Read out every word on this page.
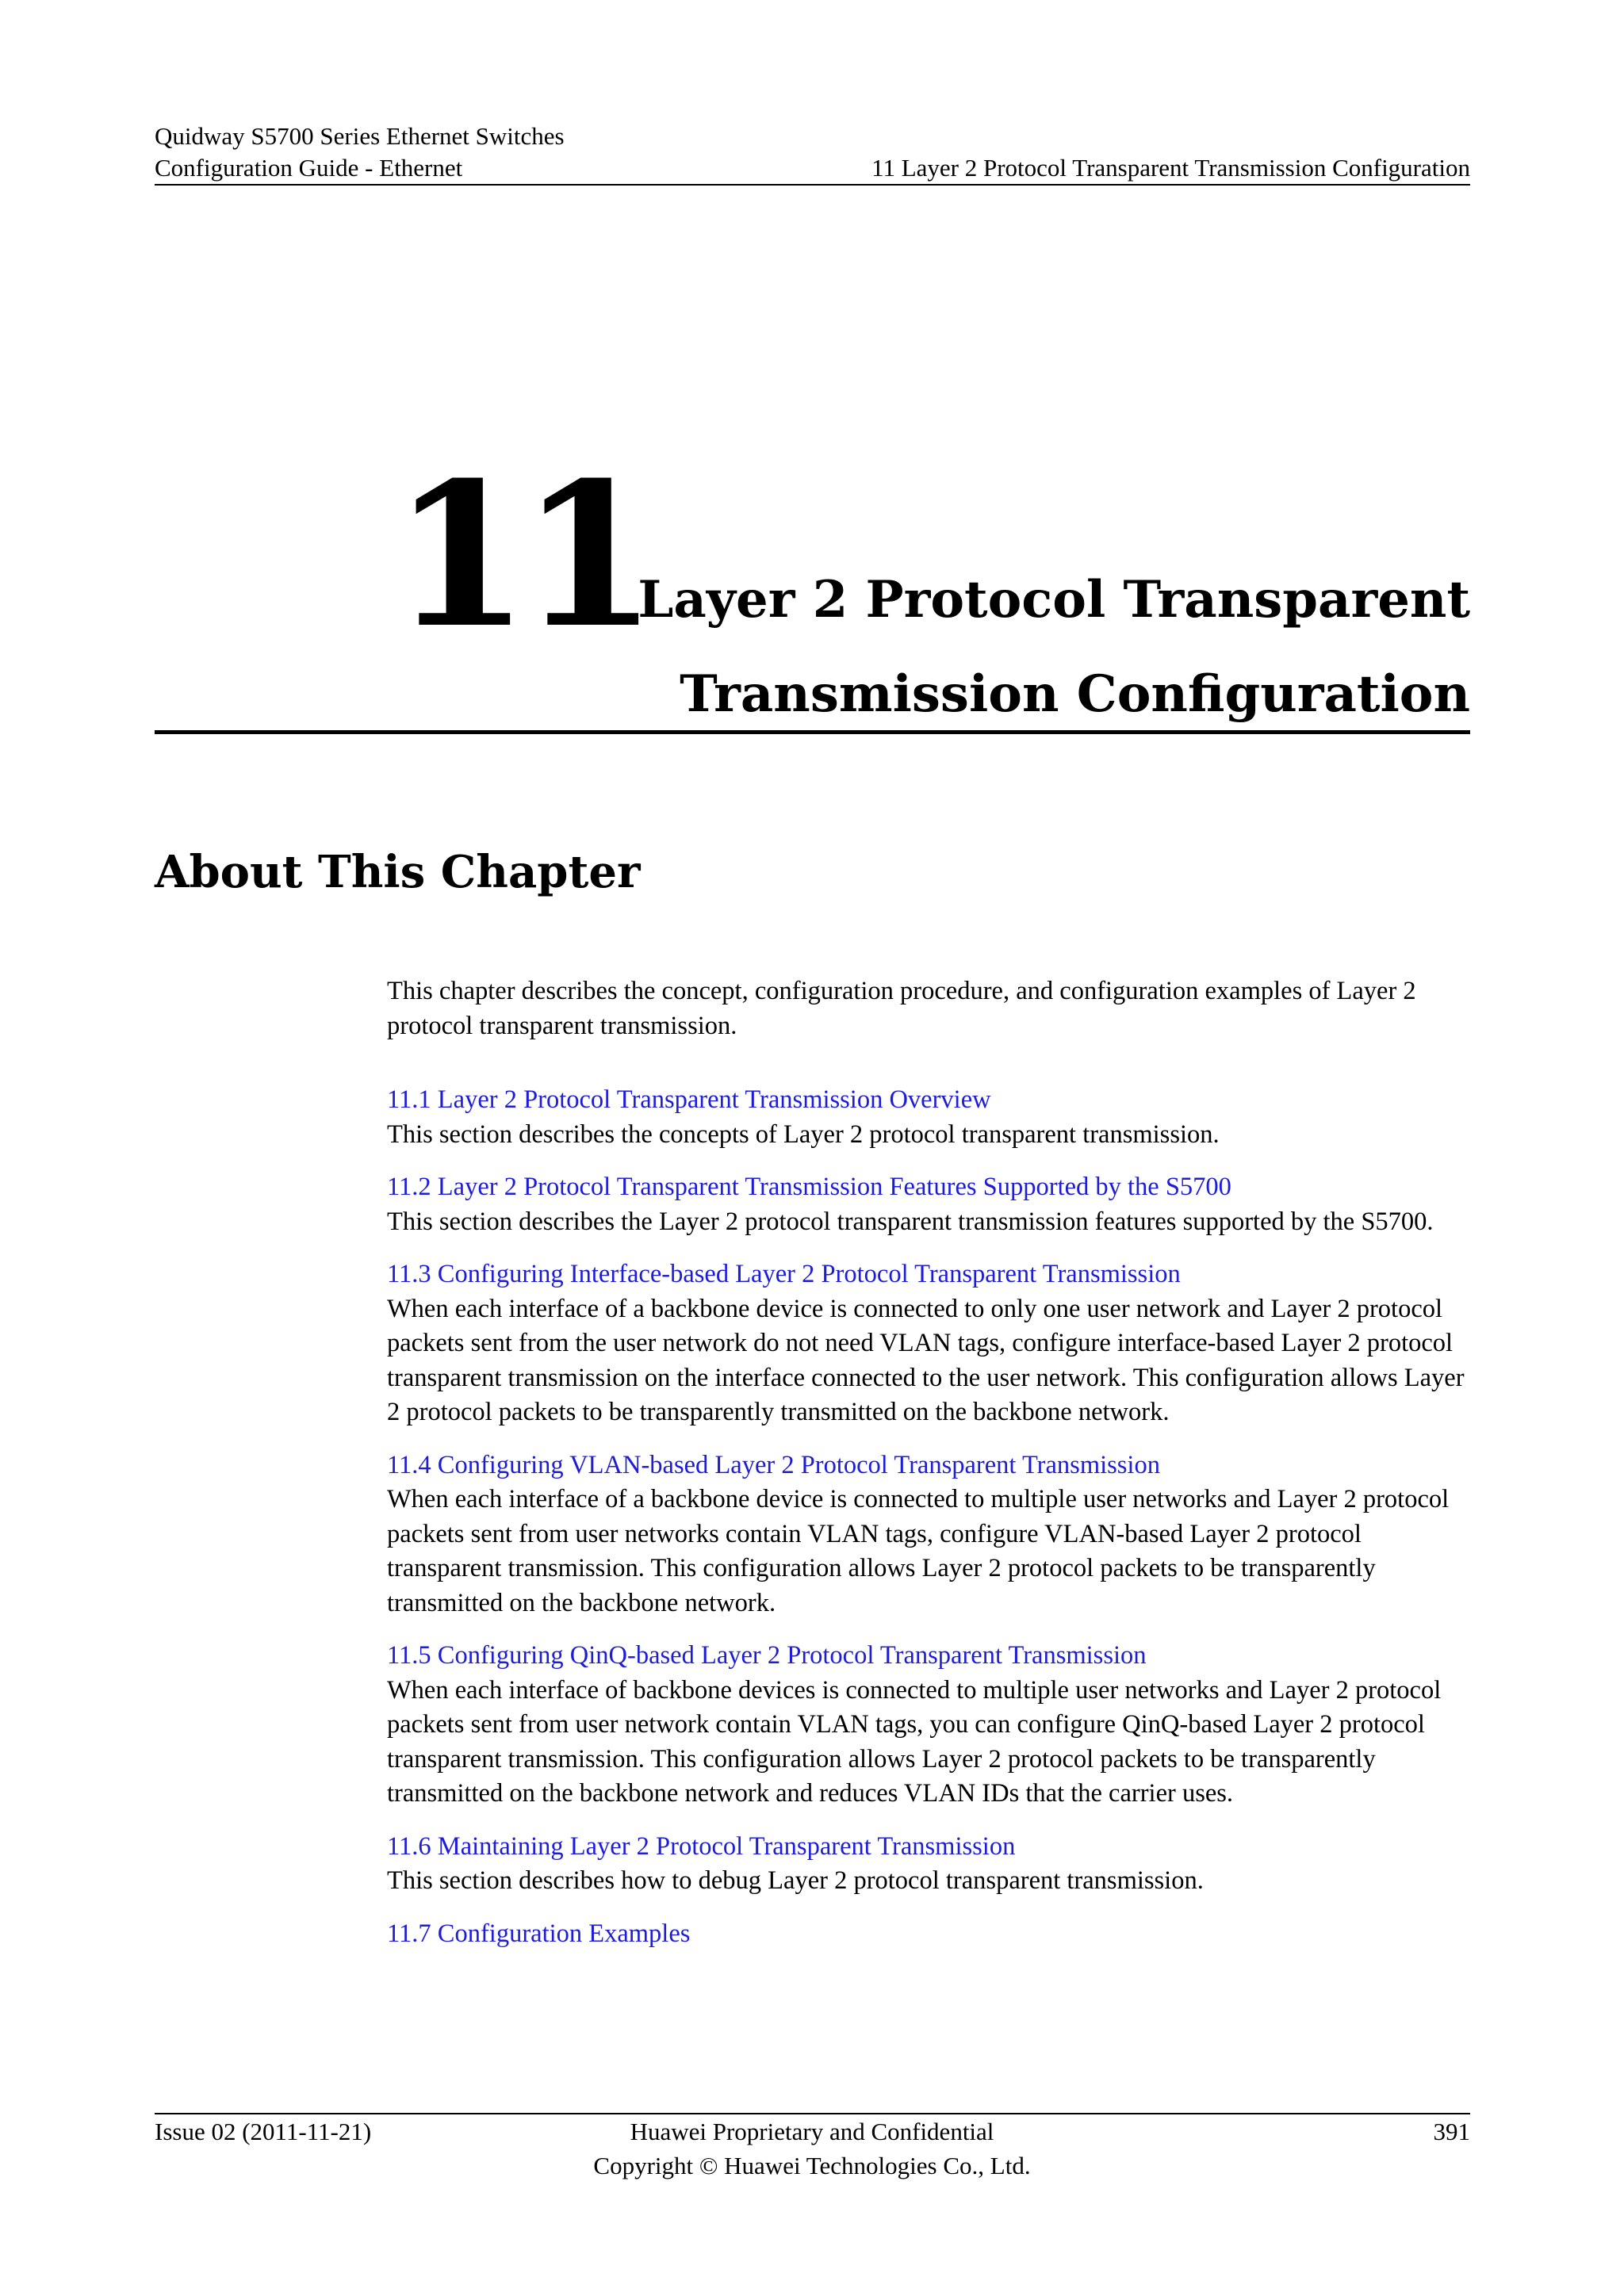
Quidway S5700 Series Ethernet Switches
Configuration Guide - Ethernet	11 Layer 2 Protocol Transparent Transmission Configuration
11
Layer 2 Protocol Transparent
Transmission Configuration
About This Chapter

This chapter describes the concept, configuration procedure, and configuration examples of Layer 2 protocol transparent transmission.

11.1 Layer 2 Protocol Transparent Transmission Overview
This section describes the concepts of Layer 2 protocol transparent transmission.
11.2 Layer 2 Protocol Transparent Transmission Features Supported by the S5700
This section describes the Layer 2 protocol transparent transmission features supported by the S5700.
11.3 Configuring Interface-based Layer 2 Protocol Transparent Transmission
When each interface of a backbone device is connected to only one user network and Layer 2 protocol packets sent from the user network do not need VLAN tags, configure interface-based Layer 2 protocol transparent transmission on the interface connected to the user network. This configuration allows Layer 2 protocol packets to be transparently transmitted on the backbone network.
11.4 Configuring VLAN-based Layer 2 Protocol Transparent Transmission
When each interface of a backbone device is connected to multiple user networks and Layer 2 protocol packets sent from user networks contain VLAN tags, configure VLAN-based Layer 2 protocol transparent transmission. This configuration allows Layer 2 protocol packets to be transparently transmitted on the backbone network.
11.5 Configuring QinQ-based Layer 2 Protocol Transparent Transmission
When each interface of backbone devices is connected to multiple user networks and Layer 2 protocol packets sent from user network contain VLAN tags, you can configure QinQ-based Layer 2 protocol transparent transmission. This configuration allows Layer 2 protocol packets to be transparently transmitted on the backbone network and reduces VLAN IDs that the carrier uses.
11.6 Maintaining Layer 2 Protocol Transparent Transmission
This section describes how to debug Layer 2 protocol transparent transmission.
11.7 Configuration Examples
Issue 02 (2011-11-21)	Huawei Proprietary and Confidential
Copyright © Huawei Technologies Co., Ltd.
391
